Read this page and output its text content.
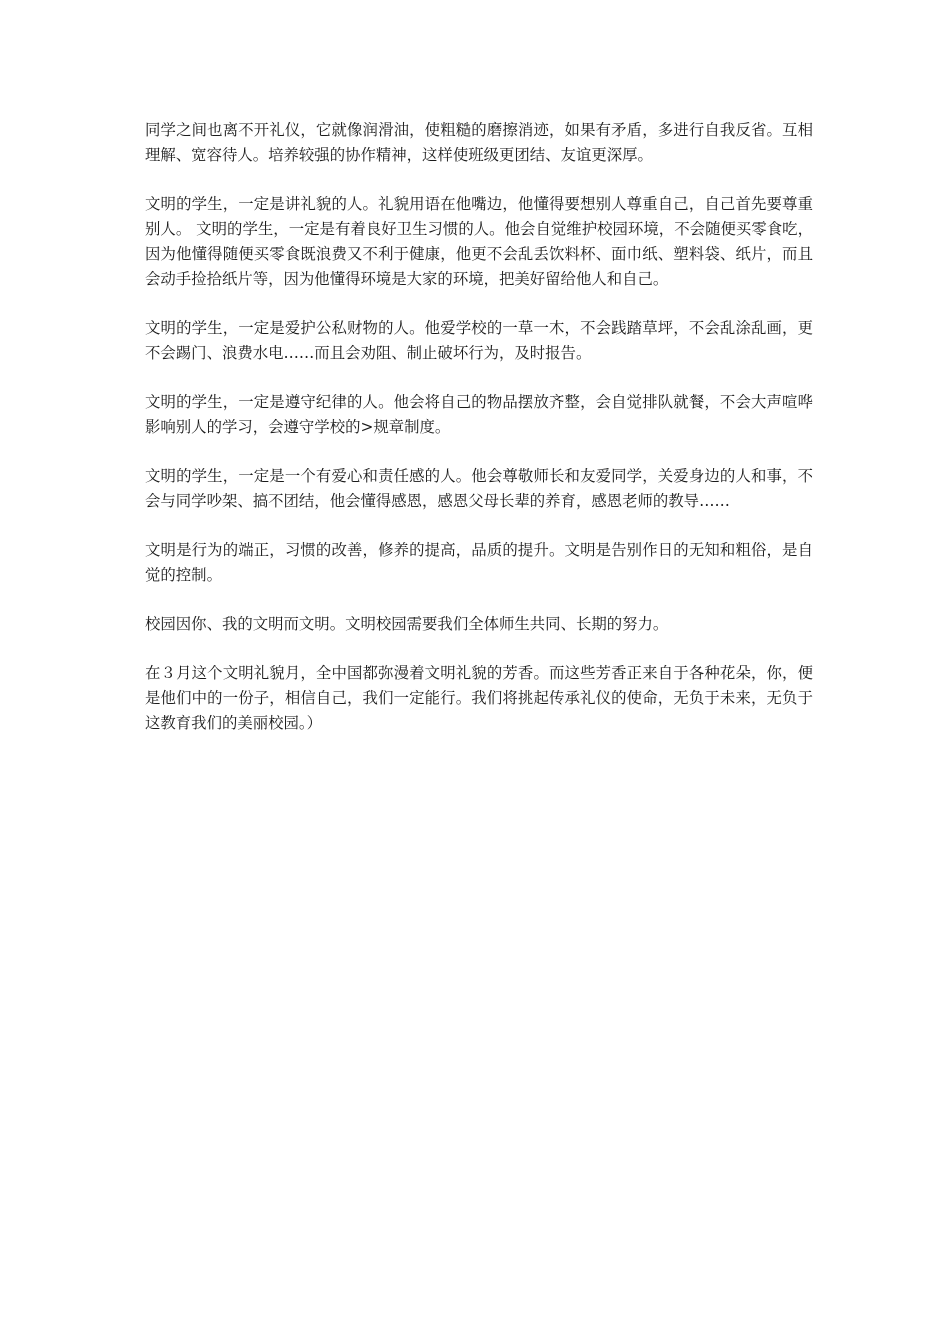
同学之间也离不开礼仪，它就像润滑油，使粗糙的磨擦消迹，如果有矛盾，多进行自我反省。互相理解、宽容待人。培养较强的协作精神，这样使班级更团结、友谊更深厚。

文明的学生，一定是讲礼貌的人。礼貌用语在他嘴边，他懂得要想别人尊重自己，自己首先要尊重别人。 文明的学生，一定是有着良好卫生习惯的人。他会自觉维护校园环境，不会随便买零食吃，因为他懂得随便买零食既浪费又不利于健康，他更不会乱丢饮料杯、面巾纸、塑料袋、纸片，而且会动手捡拾纸片等，因为他懂得环境是大家的环境，把美好留给他人和自己。

文明的学生，一定是爱护公私财物的人。他爱学校的一草一木，不会践踏草坪，不会乱涂乱画，更不会踢门、浪费水电……而且会劝阻、制止破坏行为，及时报告。

文明的学生，一定是遵守纪律的人。他会将自己的物品摆放齐整，会自觉排队就餐，不会大声喧哗影响别人的学习，会遵守学校的>规章制度。

文明的学生，一定是一个有爱心和责任感的人。他会尊敬师长和友爱同学，关爱身边的人和事，不会与同学吵架、搞不团结，他会懂得感恩，感恩父母长辈的养育，感恩老师的教导……

文明是行为的端正，习惯的改善，修养的提高，品质的提升。文明是告别作日的无知和粗俗，是自觉的控制。

校园因你、我的文明而文明。文明校园需要我们全体师生共同、长期的努力。

在３月这个文明礼貌月，全中国都弥漫着文明礼貌的芳香。而这些芳香正来自于各种花朵，你，便是他们中的一份子，相信自己，我们一定能行。我们将挑起传承礼仪的使命，无负于未来，无负于这教育我们的美丽校园。）
